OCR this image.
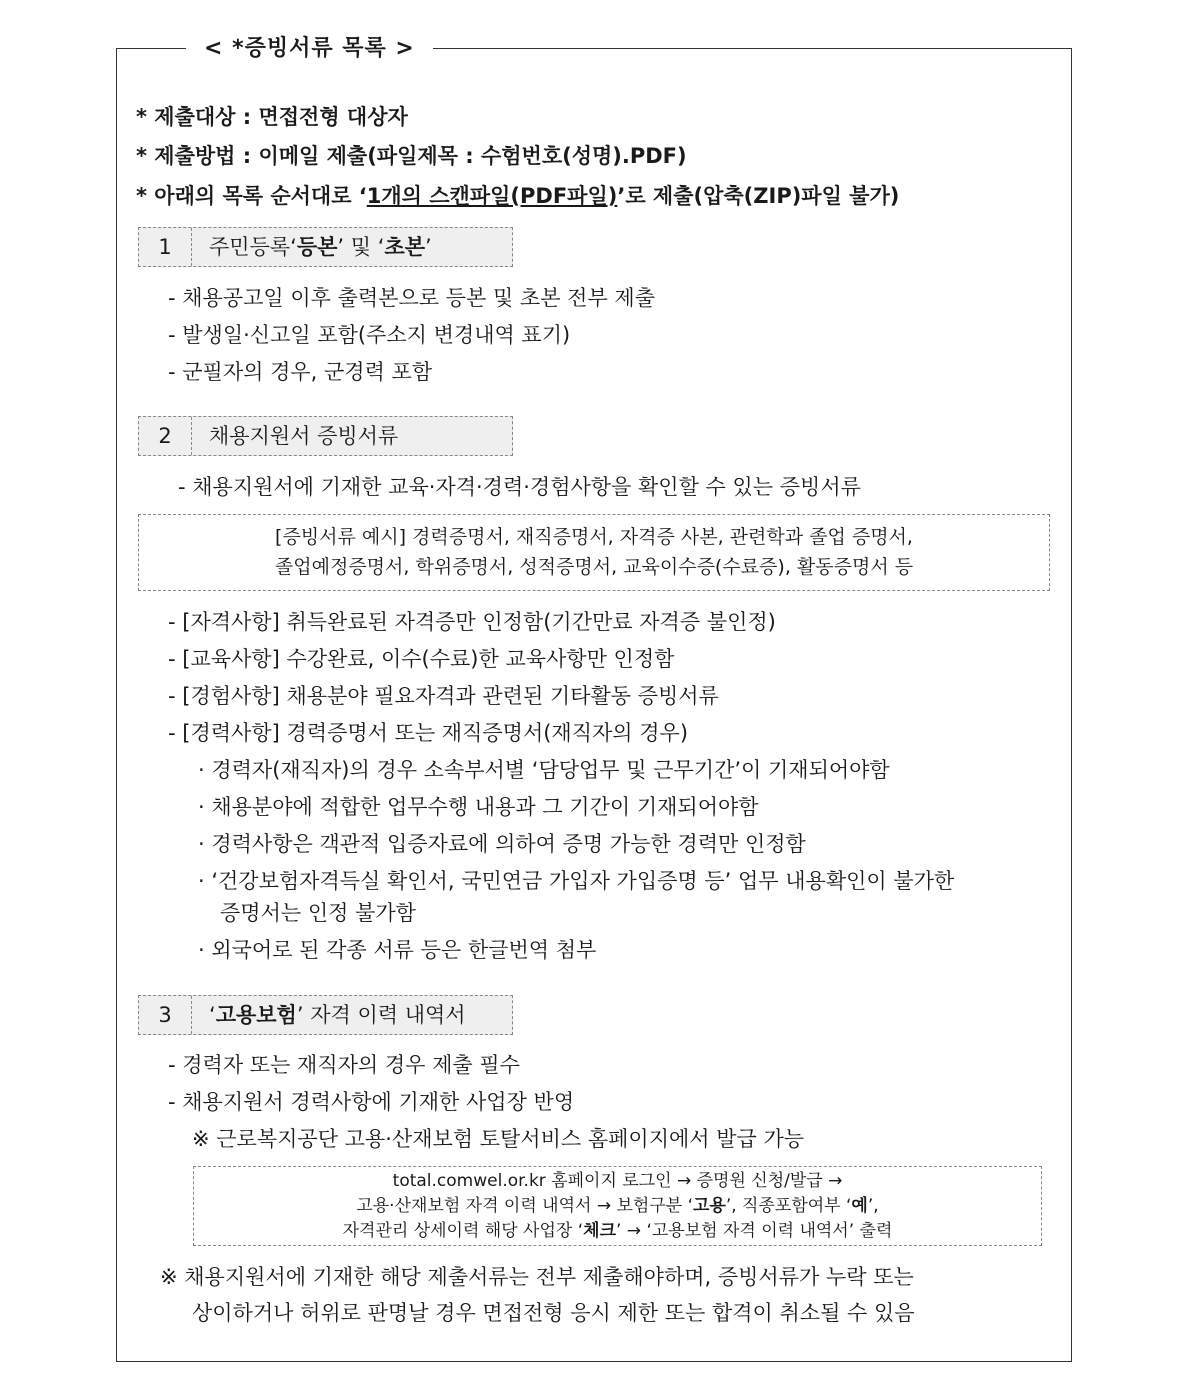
< *증빙서류 목록 >
* 제출대상 : 면접전형 대상자
* 제출방법 : 이메일 제출(파일제목 : 수험번호(성명).PDF)
* 아래의 목록 순서대로 ‘1개의 스캔파일(PDF파일)’로 제출(압축(ZIP)파일 불가)
1	주민등록‘등본’ 및 ‘초본’
- 채용공고일 이후 출력본으로 등본 및 초본 전부 제출
- 발생일·신고일 포함(주소지 변경내역 표기)
- 군필자의 경우, 군경력 포함
2	채용지원서 증빙서류
- 채용지원서에 기재한 교육·자격·경력·경험사항을 확인할 수 있는 증빙서류
[증빙서류 예시] 경력증명서, 재직증명서, 자격증 사본, 관련학과 졸업 증명서,
졸업예정증명서, 학위증명서, 성적증명서, 교육이수증(수료증), 활동증명서 등
- [자격사항] 취득완료된 자격증만 인정함(기간만료 자격증 불인정)
- [교육사항] 수강완료, 이수(수료)한 교육사항만 인정함
- [경험사항] 채용분야 필요자격과 관련된 기타활동 증빙서류
- [경력사항] 경력증명서 또는 재직증명서(재직자의 경우)
· 경력자(재직자)의 경우 소속부서별 ‘담당업무 및 근무기간’이 기재되어야함
· 채용분야에 적합한 업무수행 내용과 그 기간이 기재되어야함
· 경력사항은 객관적 입증자료에 의하여 증명 가능한 경력만 인정함
· ‘건강보험자격득실 확인서, 국민연금 가입자 가입증명 등’ 업무 내용확인이 불가한
증명서는 인정 불가함
· 외국어로 된 각종 서류 등은 한글번역 첨부
3	‘고용보험’ 자격 이력 내역서
- 경력자 또는 재직자의 경우 제출 필수
- 채용지원서 경력사항에 기재한 사업장 반영
※ 근로복지공단 고용·산재보험 토탈서비스 홈페이지에서 발급 가능
total.comwel.or.kr 홈페이지 로그인 → 증명원 신청/발급 →
고용·산재보험 자격 이력 내역서 → 보험구분 ‘고용’, 직종포함여부 ‘예’,
자격관리 상세이력 해당 사업장 ‘체크’ → ‘고용보험 자격 이력 내역서’ 출력
※ 채용지원서에 기재한 해당 제출서류는 전부 제출해야하며, 증빙서류가 누락 또는
상이하거나 허위로 판명날 경우 면접전형 응시 제한 또는 합격이 취소될 수 있음
